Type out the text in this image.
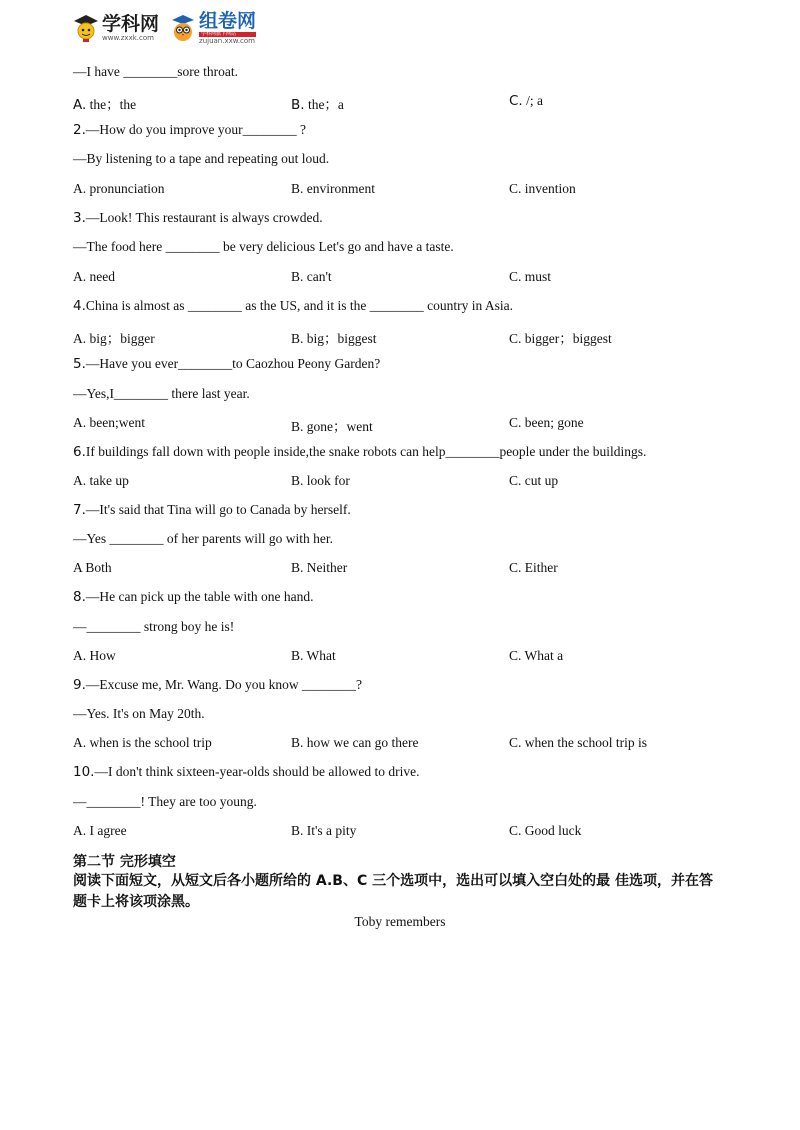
学科网
www.zxxk.com
组卷网
学科网旗下网站
zujuan.xxw.com
—I have ________sore throat.
A. the；the	B. the；a	C. /; a
2.—How do you improve your________ ?
—By listening to a tape and repeating out loud.
A. pronunciation	B. environment	C. invention
3.—Look! This restaurant is always crowded.
—The food here ________ be very delicious Let's go and have a taste.
A. need	B. can't	C. must
4.China is almost as ________ as the US, and it is the ________ country in Asia.
A. big；bigger	B. big；biggest	C. bigger；biggest
5.—Have you ever________to Caozhou Peony Garden?
—Yes,I________ there last year.
A. been;went	B. gone；went	C. been; gone
6.If buildings fall down with people inside,the snake robots can help________people under the buildings.
A. take up	B. look for	C. cut up
7.—It's said that Tina will go to Canada by herself.
—Yes ________ of her parents will go with her.
A Both	B. Neither	C. Either
8.—He can pick up the table with one hand.
—________ strong boy he is!
A. How	B. What	C. What a
9.—Excuse me, Mr. Wang. Do you know ________?
—Yes. It's on May 20th.
A. when is the school trip	B. how we can go there	C. when the school trip is
10.—I don't think sixteen-year-olds should be allowed to drive.
—________! They are too young.
A. I agree	B. It's a pity	C. Good luck
第二节 完形填空
阅读下面短文，从短文后各小题所给的 A.B、C 三个选项中，选出可以填入空白处的最 佳选项，并在答题卡上将该项涂黑。
Toby remembers
